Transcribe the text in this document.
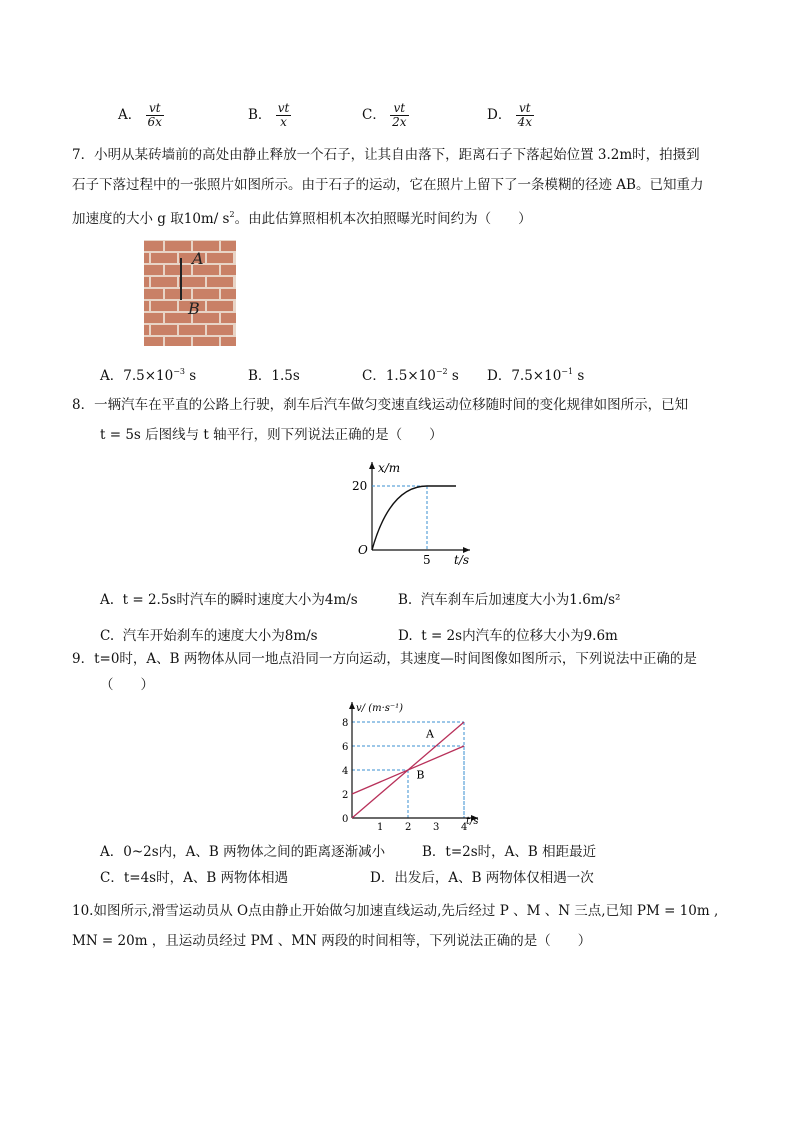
A． $\frac{vt}{6x}$	B． $\frac{vt}{x}$	C． $\frac{vt}{2x}$	D． $\frac{vt}{4x}$
7．小明从某砖墙前的高处由静止释放一个石子，让其自由落下，距离石子下落起始位置 3.2m时，拍摄到
石子下落过程中的一张照片如图所示。由于石子的运动，它在照片上留下了一条模糊的径迹 AB。已知重力
加速度的大小 g 取10m/ $s^2$。由此估算照相机本次拍照曝光时间约为（　　）
A
B
A．$7.5\times 10^{-3}$ s	B．1.5s	C．$1.5\times 10^{-2}$ s D．$7.5\times 10^{-1}$ s
8．一辆汽车在平直的公路上行驶，刹车后汽车做匀变速直线运动位移随时间的变化规律如图所示，已知
t = 5s 后图线与 t 轴平行，则下列说法正确的是（　　）
x/m
t/s
O
20
5
A. t = 2.5s时汽车的瞬时速度大小为4m/s	B. 汽车刹车后加速度大小为1.6m/s²
C. 汽车开始刹车的速度大小为8m/s	D. t = 2s内汽车的位移大小为9.6m
9．t=0时，A、B 两物体从同一地点沿同一方向运动，其速度—时间图像如图所示，下列说法中正确的是
（　　）
1 2 3 4
0
2
4
6
8
A
B
v/ (m·s⁻¹)
t/s
A．0~2s内，A、B 两物体之间的距离逐渐减小	B．t=2s时，A、B 相距最近
C．t=4s时，A、B 两物体相遇	D．出发后，A、B 两物体仅相遇一次
10.如图所示,滑雪运动员从 O点由静止开始做匀加速直线运动,先后经过 P 、M 、N 三点,已知 PM = 10m ,
MN = 20m ，且运动员经过 PM 、MN 两段的时间相等，下列说法正确的是（　　）
